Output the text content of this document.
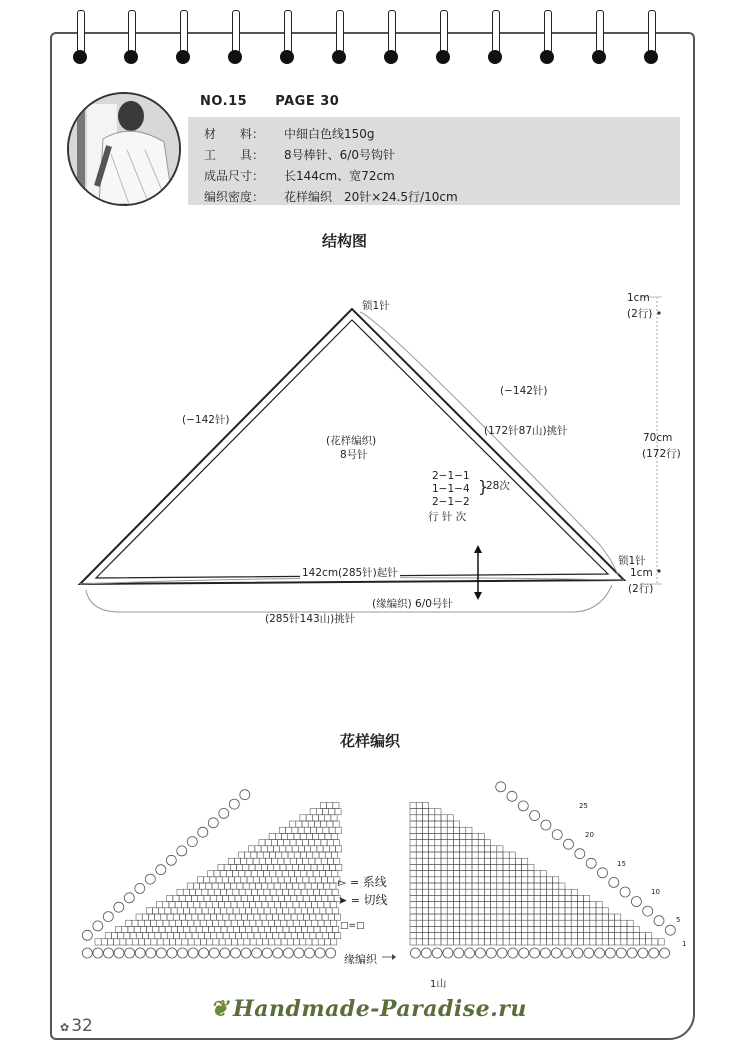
NO.15 PAGE 30
材　　料： 中细白色线150g
工　　具： 8号棒针、6/0号钩针
成品尺寸： 长144cm、宽72cm
编织密度： 花样编织　20针×24.5行/10cm
结构图
锁1针
(−142针)
(−142针)
(172针87山)挑针
(花样编织)
8号针
2−1−1
1−1−4
2−1−2
行 针 次
}
28次
1cm
(2行)
70cm
(172行)
锁1针
1cm
(2行)
142cm(285针)起针
(缘编织) 6/0号针
(285针143山)挑针
花样编织
▻ = 系线
➤ = 切线
□=□
缘编织
1山
25
20
15
10
5
1
✿ 32
❦ Handmade-Paradise.ru
